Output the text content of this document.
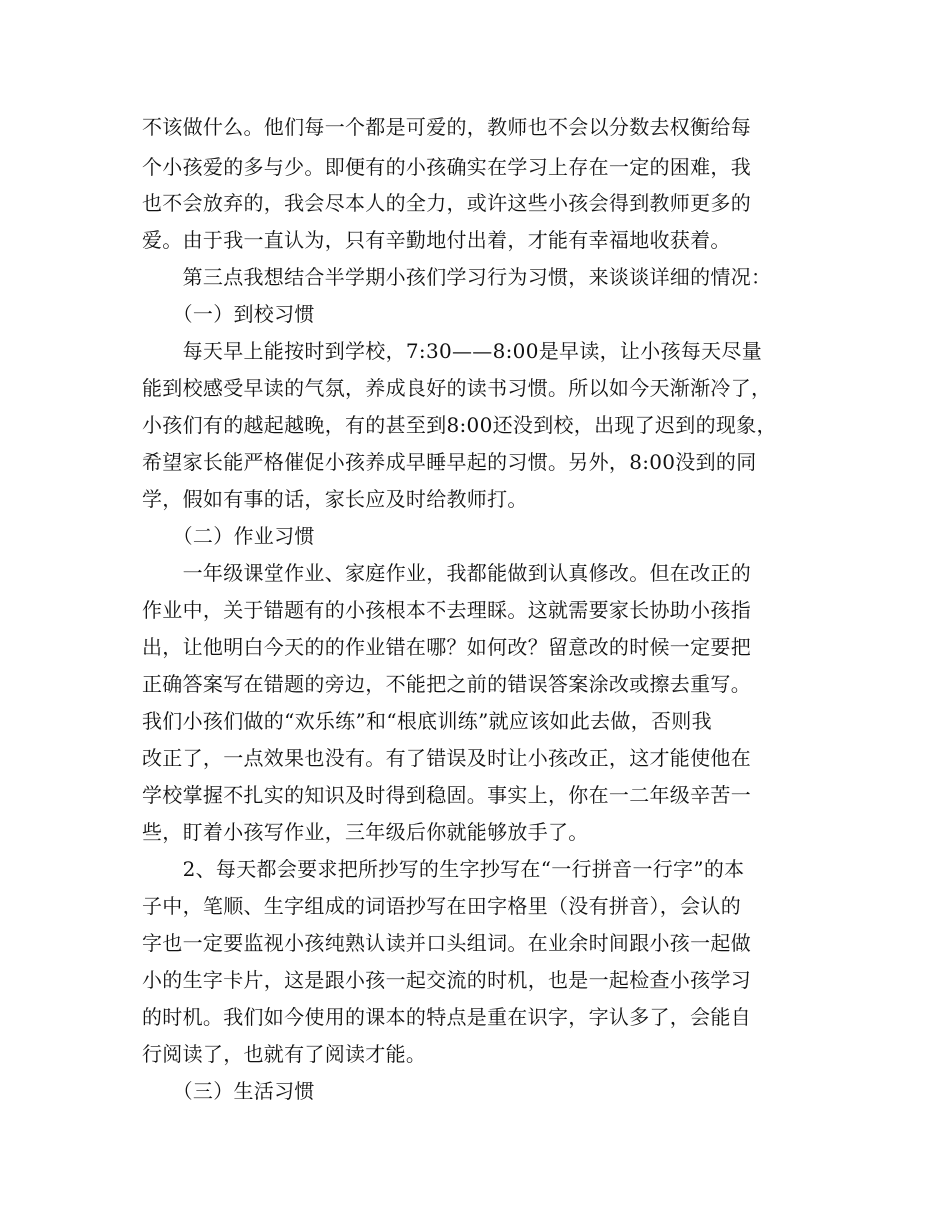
不该做什么。他们每一个都是可爱的，教师也不会以分数去权衡给每
个小孩爱的多与少。即便有的小孩确实在学习上存在一定的困难，我
也不会放弃的，我会尽本人的全力，或许这些小孩会得到教师更多的
爱。由于我一直认为，只有辛勤地付出着，才能有幸福地收获着。
　　第三点我想结合半学期小孩们学习行为习惯，来谈谈详细的情况：
　　（一）到校习惯
　　每天早上能按时到学校，7:30——8:00是早读，让小孩每天尽量
能到校感受早读的气氛，养成良好的读书习惯。所以如今天渐渐冷了，
小孩们有的越起越晚，有的甚至到8:00还没到校，出现了迟到的现象，
希望家长能严格催促小孩养成早睡早起的习惯。另外，8:00没到的同
学，假如有事的话，家长应及时给教师打。
　　（二）作业习惯
　　一年级课堂作业、家庭作业，我都能做到认真修改。但在改正的
作业中，关于错题有的小孩根本不去理睬。这就需要家长协助小孩指
出，让他明白今天的的作业错在哪？如何改？留意改的时候一定要把
正确答案写在错题的旁边，不能把之前的错误答案涂改或擦去重写。
我们小孩们做的“欢乐练”和“根底训练”就应该如此去做，否则我
改正了，一点效果也没有。有了错误及时让小孩改正，这才能使他在
学校掌握不扎实的知识及时得到稳固。事实上，你在一二年级辛苦一
些，盯着小孩写作业，三年级后你就能够放手了。
　　2、每天都会要求把所抄写的生字抄写在“一行拼音一行字”的本
子中，笔顺、生字组成的词语抄写在田字格里（没有拼音），会认的
字也一定要监视小孩纯熟认读并口头组词。在业余时间跟小孩一起做
小的生字卡片，这是跟小孩一起交流的时机，也是一起检查小孩学习
的时机。我们如今使用的课本的特点是重在识字，字认多了，会能自
行阅读了，也就有了阅读才能。
　　（三）生活习惯
